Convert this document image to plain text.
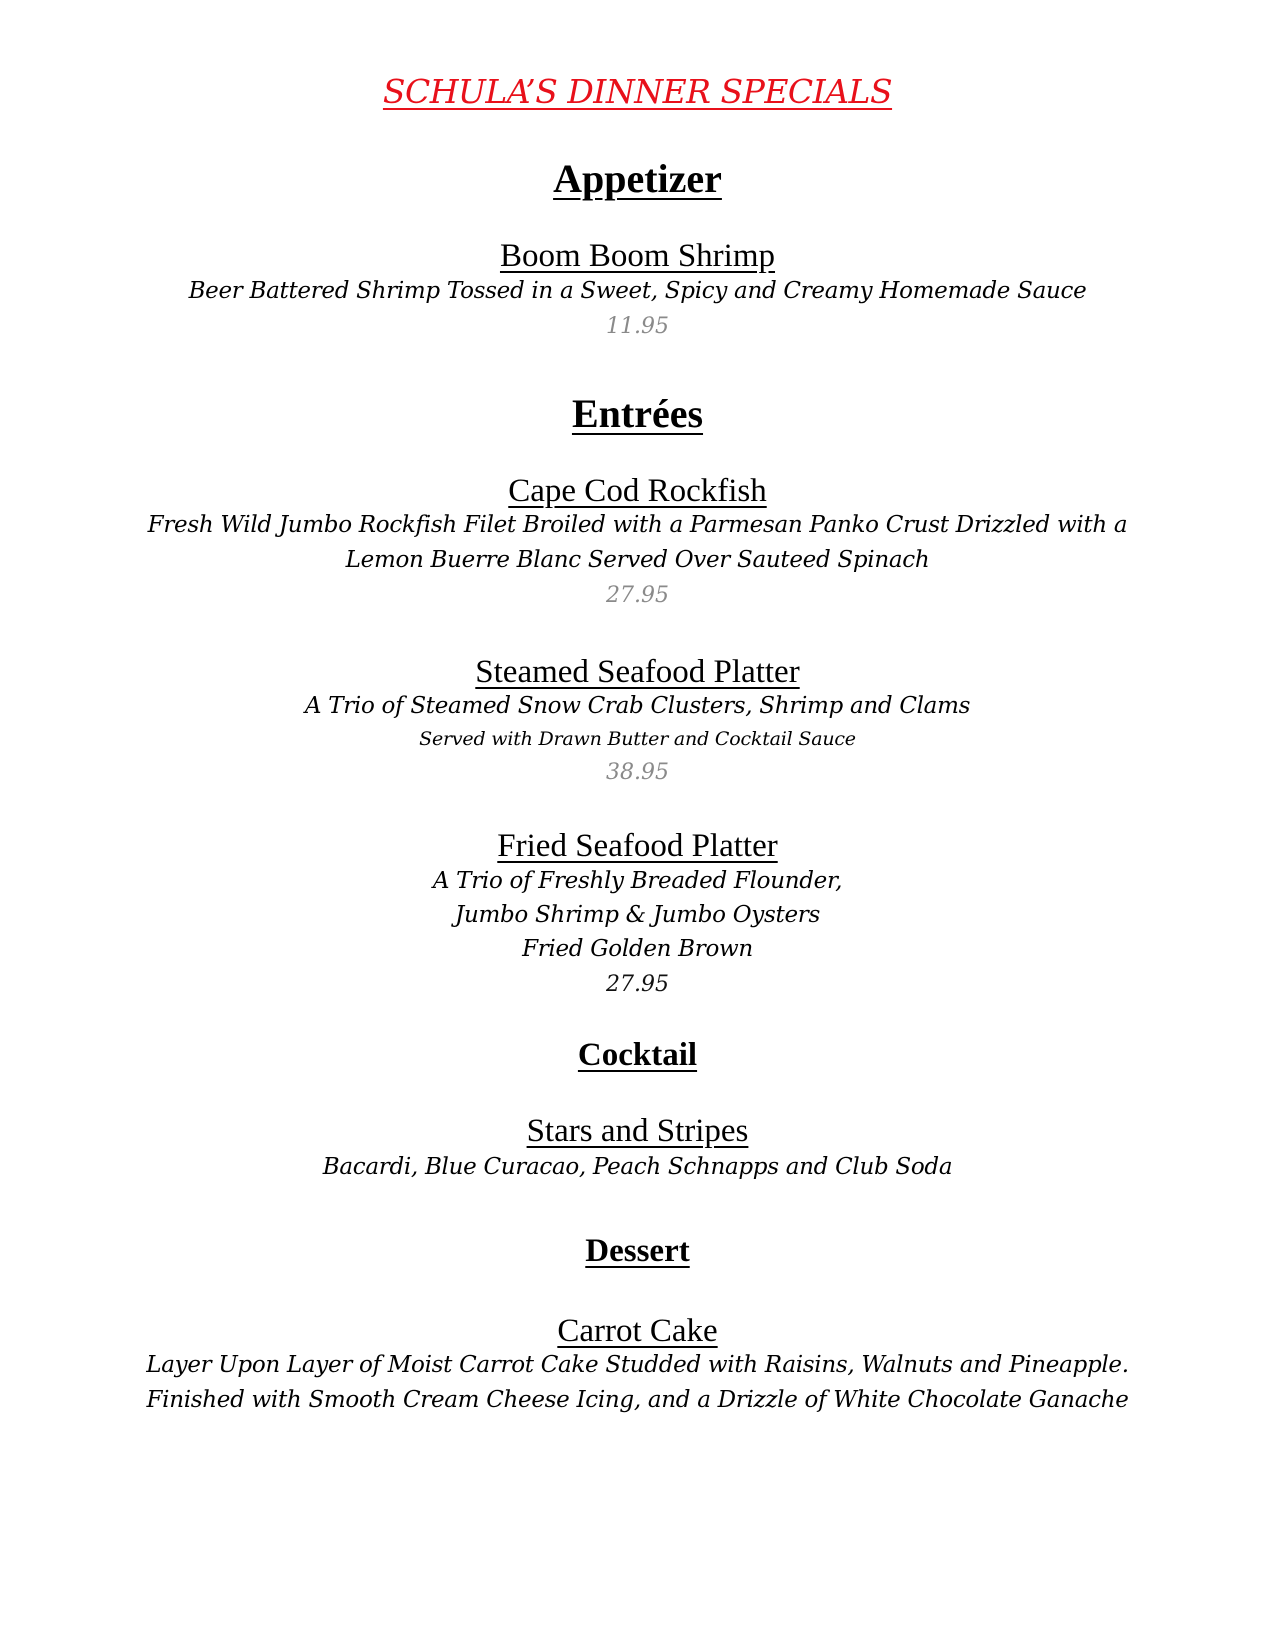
SCHULA’S DINNER SPECIALS

Appetizer

Boom Boom Shrimp

Beer Battered Shrimp Tossed in a Sweet, Spicy and Creamy Homemade Sauce

11.95

Entrées

Cape Cod Rockfish

Fresh Wild Jumbo Rockfish Filet Broiled with a Parmesan Panko Crust Drizzled with a

Lemon Buerre Blanc Served Over Sauteed Spinach

27.95

Steamed Seafood Platter

A Trio of Steamed Snow Crab Clusters, Shrimp and Clams

Served with Drawn Butter and Cocktail Sauce

38.95

Fried Seafood Platter

A Trio of Freshly Breaded Flounder,

Jumbo Shrimp & Jumbo Oysters

Fried Golden Brown

27.95

Cocktail

Stars and Stripes

Bacardi, Blue Curacao, Peach Schnapps and Club Soda

Dessert

Carrot Cake

Layer Upon Layer of Moist Carrot Cake Studded with Raisins, Walnuts and Pineapple.

Finished with Smooth Cream Cheese Icing, and a Drizzle of White Chocolate Ganache
